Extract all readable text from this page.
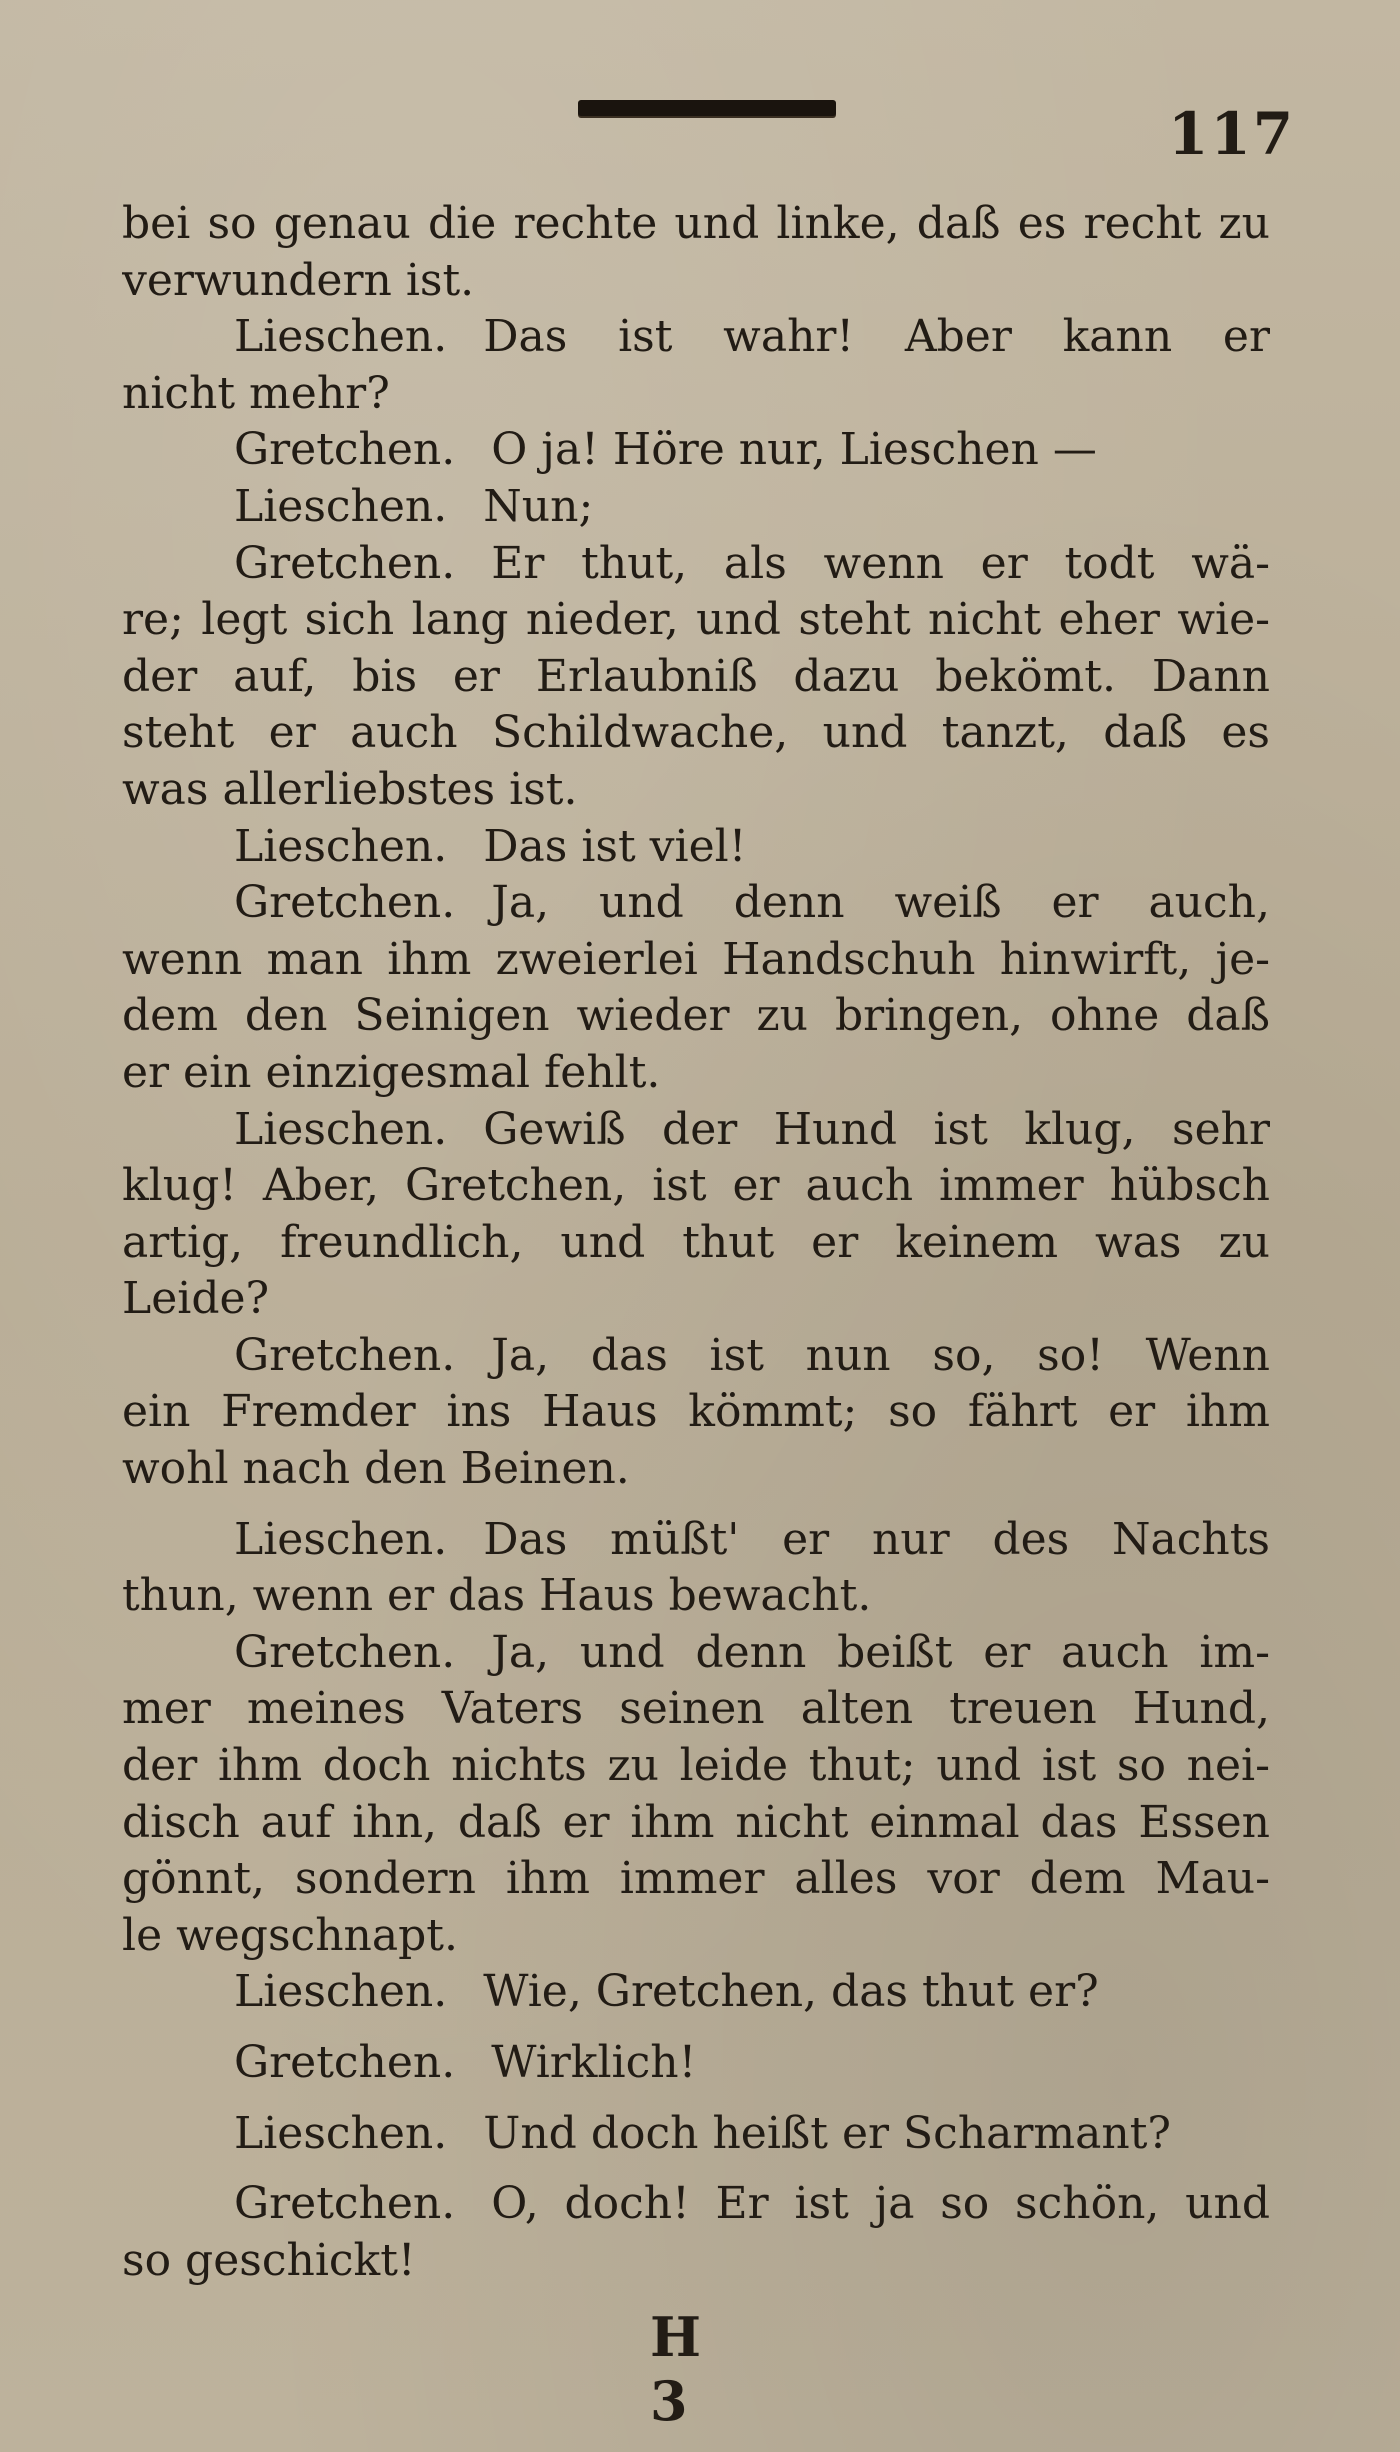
117
bei so genau die rechte und linke, daß es recht zu
verwundern ist.
Lieschen. Das ist wahr! Aber kann er
nicht mehr?
Gretchen. O ja! Höre nur, Lieschen —
Lieschen. Nun;
Gretchen. Er thut, als wenn er todt wä-
re; legt sich lang nieder, und steht nicht eher wie-
der auf, bis er Erlaubniß dazu bekömt. Dann
steht er auch Schildwache, und tanzt, daß es
was allerliebstes ist.
Lieschen. Das ist viel!
Gretchen. Ja, und denn weiß er auch,
wenn man ihm zweierlei Handschuh hinwirft, je-
dem den Seinigen wieder zu bringen, ohne daß
er ein einzigesmal fehlt.
Lieschen. Gewiß der Hund ist klug, sehr
klug! Aber, Gretchen, ist er auch immer hübsch
artig, freundlich, und thut er keinem was zu
Leide?
Gretchen. Ja, das ist nun so, so! Wenn
ein Fremder ins Haus kömmt; so fährt er ihm
wohl nach den Beinen.
Lieschen. Das müßt' er nur des Nachts
thun, wenn er das Haus bewacht.
Gretchen. Ja, und denn beißt er auch im-
mer meines Vaters seinen alten treuen Hund,
der ihm doch nichts zu leide thut; und ist so nei-
disch auf ihn, daß er ihm nicht einmal das Essen
gönnt, sondern ihm immer alles vor dem Mau-
le wegschnapt.
Lieschen. Wie, Gretchen, das thut er?
Gretchen. Wirklich!
Lieschen. Und doch heißt er Scharmant?
Gretchen. O, doch! Er ist ja so schön, und
so geschickt!
H 3
